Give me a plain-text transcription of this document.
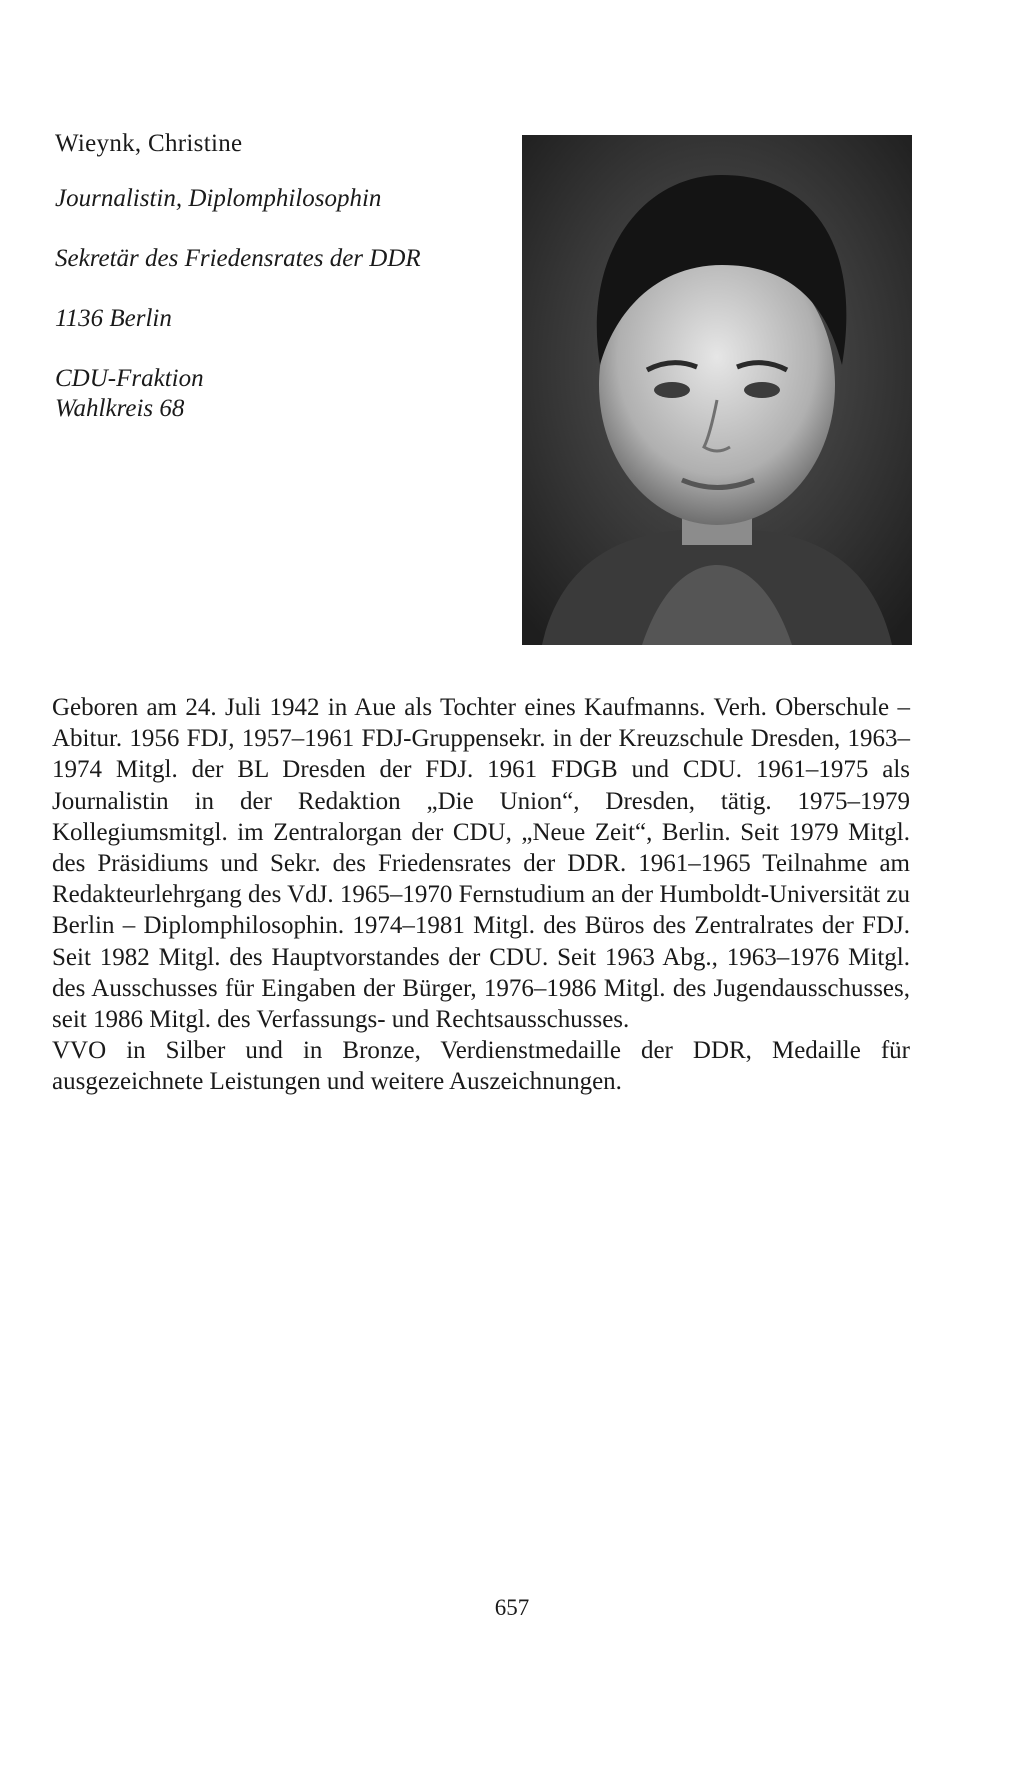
Wieynk, Christine
Journalistin, Diplomphilosophin
Sekretär des Friedensrates der DDR
1136 Berlin
CDU-Fraktion
Wahlkreis 68

Geboren am 24. Juli 1942 in Aue als Tochter eines Kaufmanns. Verh. Oberschule – Abitur. 1956 FDJ, 1957–1961 FDJ-Gruppensekr. in der Kreuzschule Dresden, 1963–1974 Mitgl. der BL Dresden der FDJ. 1961 FDGB und CDU. 1961–1975 als Journalistin in der Redaktion „Die Union“, Dresden, tätig. 1975–1979 Kollegiumsmitgl. im Zentralorgan der CDU, „Neue Zeit“, Berlin. Seit 1979 Mitgl. des Präsidiums und Sekr. des Friedensrates der DDR. 1961–1965 Teilnahme am Redakteurlehrgang des VdJ. 1965–1970 Fernstudium an der Humboldt-Universität zu Berlin – Diplomphilosophin. 1974–1981 Mitgl. des Büros des Zentralrates der FDJ. Seit 1982 Mitgl. des Hauptvorstandes der CDU. Seit 1963 Abg., 1963–1976 Mitgl. des Ausschusses für Eingaben der Bürger, 1976–1986 Mitgl. des Jugendausschusses, seit 1986 Mitgl. des Verfassungs- und Rechtsausschusses.

VVO in Silber und in Bronze, Verdienstmedaille der DDR, Medaille für ausgezeichnete Leistungen und weitere Auszeichnungen.

657
